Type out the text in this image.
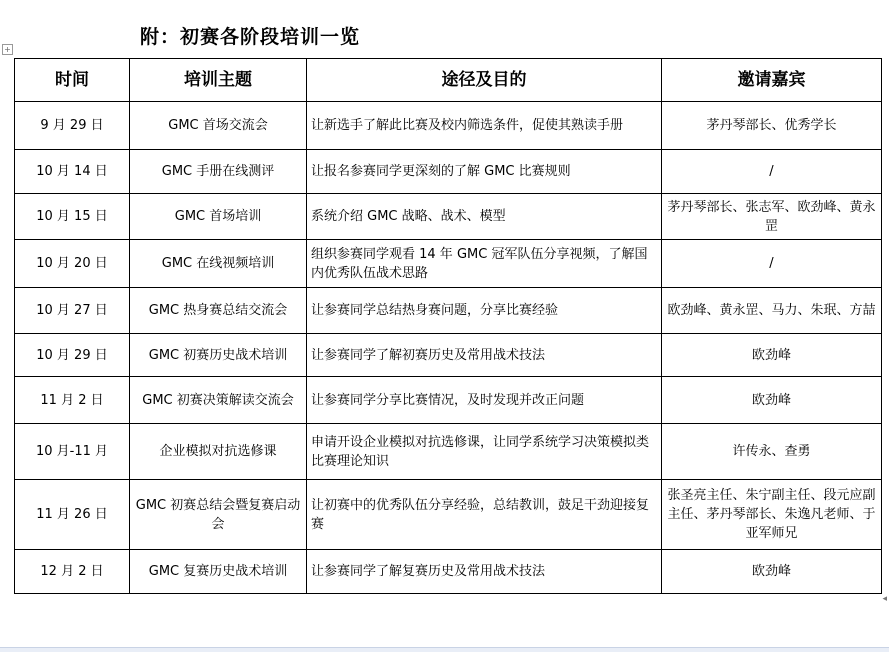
附：初赛各阶段培训一览
+
时间	培训主题	途径及目的	邀请嘉宾
9 月 29 日	GMC 首场交流会	让新选手了解此比赛及校内筛选条件，促使其熟读手册	茅丹琴部长、优秀学长
10 月 14 日	GMC 手册在线测评	让报名参赛同学更深刻的了解 GMC 比赛规则	/
10 月 15 日	GMC 首场培训	系统介绍 GMC 战略、战术、模型	茅丹琴部长、张志军、欧劲峰、黄永罡
10 月 20 日	GMC 在线视频培训	组织参赛同学观看 14 年 GMC 冠军队伍分享视频，了解国内优秀队伍战术思路	/
10 月 27 日	GMC 热身赛总结交流会	让参赛同学总结热身赛问题，分享比赛经验	欧劲峰、黄永罡、马力、朱珉、方喆
10 月 29 日	GMC 初赛历史战术培训	让参赛同学了解初赛历史及常用战术技法	欧劲峰
11 月 2 日	GMC 初赛决策解读交流会	让参赛同学分享比赛情况，及时发现并改正问题	欧劲峰
10 月-11 月	企业模拟对抗选修课	申请开设企业模拟对抗选修课，让同学系统学习决策模拟类比赛理论知识	许传永、查勇
11 月 26 日	GMC 初赛总结会暨复赛启动会	让初赛中的优秀队伍分享经验，总结教训，鼓足干劲迎接复赛	张圣亮主任、朱宁副主任、段元应副主任、茅丹琴部长、朱逸凡老师、于亚军师兄
12 月 2 日	GMC 复赛历史战术培训	让参赛同学了解复赛历史及常用战术技法	欧劲峰
◂
